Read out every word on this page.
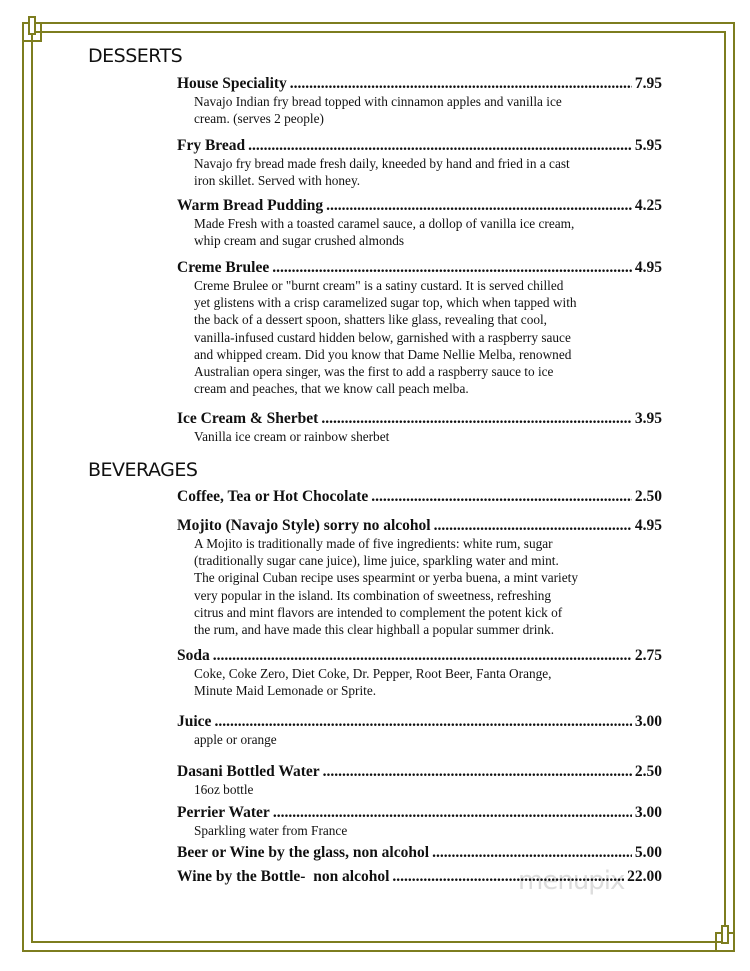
menupix
DESSERTS
House Speciality .....	7.95
Navajo Indian fry bread topped with cinnamon apples and vanilla ice
cream. (serves 2 people)
Fry Bread .....	5.95
Navajo fry bread made fresh daily, kneeded by hand and fried in a cast
iron skillet. Served with honey.
Warm Bread Pudding .....	4.25
Made Fresh with a toasted caramel sauce, a dollop of vanilla ice cream,
whip cream and sugar crushed almonds
Creme Brulee .....	4.95
Creme Brulee or "burnt cream" is a satiny custard. It is served chilled
yet glistens with a crisp caramelized sugar top, which when tapped with
the back of a dessert spoon, shatters like glass, revealing that cool,
vanilla-infused custard hidden below, garnished with a raspberry sauce
and whipped cream. Did you know that Dame Nellie Melba, renowned
Australian opera singer, was the first to add a raspberry sauce to ice
cream and peaches, that we know call peach melba.
Ice Cream & Sherbet .....	3.95
Vanilla ice cream or rainbow sherbet
BEVERAGES
Coffee, Tea or Hot Chocolate .....	2.50
Mojito (Navajo Style) sorry no alcohol .....	4.95
A Mojito is traditionally made of five ingredients: white rum, sugar
(traditionally sugar cane juice), lime juice, sparkling water and mint.
The original Cuban recipe uses spearmint or yerba buena, a mint variety
very popular in the island. Its combination of sweetness, refreshing
citrus and mint flavors are intended to complement the potent kick of
the rum, and have made this clear highball a popular summer drink.
Soda .....	2.75
Coke, Coke Zero, Diet Coke, Dr. Pepper, Root Beer, Fanta Orange,
Minute Maid Lemonade or Sprite.
Juice .....	3.00
apple or orange
Dasani Bottled Water .....	2.50
16oz bottle
Perrier Water .....	3.00
Sparkling water from France
Beer or Wine by the glass, non alcohol .....	5.00
Wine by the Bottle-  non alcohol .....	22.00
